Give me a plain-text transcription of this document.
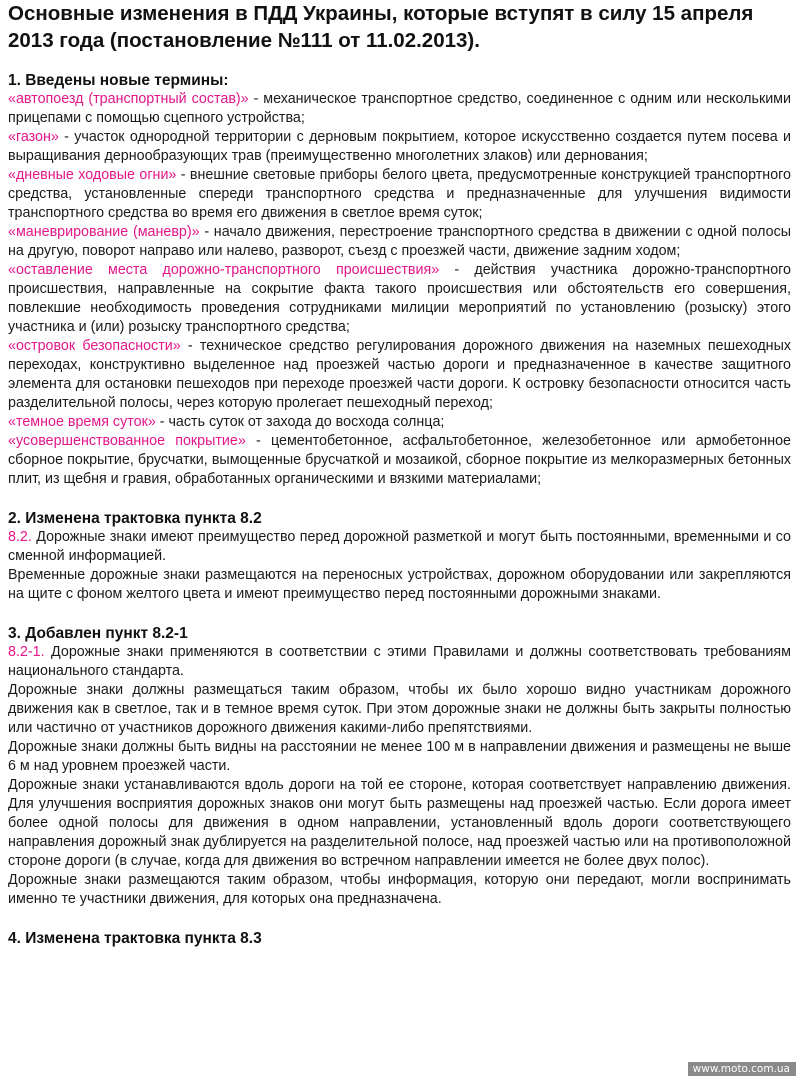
Основные изменения в ПДД Украины, которые вступят в силу 15 апреля 2013 года (постановление №111 от 11.02.2013).
1. Введены новые термины:

«автопоезд (транспортный состав)» - механическое транспортное средство, соединенное с одним или несколькими прицепами с помощью сцепного устройства;

«газон» - участок однородной территории с дерновым покрытием, которое искусственно создается путем посева и выращивания дернообразующих трав (преимущественно многолетних злаков) или дернования;

«дневные ходовые огни» - внешние световые приборы белого цвета, предусмотренные конструкцией транспортного средства, установленные спереди транспортного средства и предназначенные для улучшения видимости транспортного средства во время его движения в светлое время суток;

«маневрирование (маневр)» - начало движения, перестроение транспортного средства в движении с одной полосы на другую, поворот направо или налево, разворот, съезд с проезжей части, движение задним ходом;

«оставление места дорожно-транспортного происшествия» - действия участника дорожно-транспортного происшествия, направленные на сокрытие факта такого происшествия или обстоятельств его совершения, повлекшие необходимость проведения сотрудниками милиции мероприятий по установлению (розыску) этого участника и (или) розыску транспортного средства;

«островок безопасности» - техническое средство регулирования дорожного движения на наземных пешеходных переходах, конструктивно выделенное над проезжей частью дороги и предназначенное в качестве защитного элемента для остановки пешеходов при переходе проезжей части дороги. К островку безопасности относится часть разделительной полосы, через которую пролегает пешеходный переход;

«темное время суток» - часть суток от захода до восхода солнца;

«усовершенствованное покрытие» - цементобетонное, асфальтобетонное, железобетонное или армобетонное сборное покрытие, брусчатки, вымощенные брусчаткой и мозаикой, сборное покрытие из мелкоразмерных бетонных плит, из щебня и гравия, обработанных органическими и вязкими материалами;

2. Изменена трактовка пункта 8.2

8.2. Дорожные знаки имеют преимущество перед дорожной разметкой и могут быть постоянными, временными и со сменной информацией.

Временные дорожные знаки размещаются на переносных устройствах, дорожном оборудовании или закрепляются на щите с фоном желтого цвета и имеют преимущество перед постоянными дорожными знаками.

3. Добавлен пункт 8.2-1

8.2-1. Дорожные знаки применяются в соответствии с этими Правилами и должны соответствовать требованиям национального стандарта.

Дорожные знаки должны размещаться таким образом, чтобы их было хорошо видно участникам дорожного движения как в светлое, так и в темное время суток. При этом дорожные знаки не должны быть закрыты полностью или частично от участников дорожного движения какими-либо препятствиями.

Дорожные знаки должны быть видны на расстоянии не менее 100 м в направлении движения и размещены не выше 6 м над уровнем проезжей части.

Дорожные знаки устанавливаются вдоль дороги на той ее стороне, которая соответствует направлению движения. Для улучшения восприятия дорожных знаков они могут быть размещены над проезжей частью. Если дорога имеет более одной полосы для движения в одном направлении, установленный вдоль дороги соответствующего направления дорожный знак дублируется на разделительной полосе, над проезжей частью или на противоположной стороне дороги (в случае, когда для движения во встречном направлении имеется не более двух полос).

Дорожные знаки размещаются таким образом, чтобы информация, которую они передают, могли воспринимать именно те участники движения, для которых она предназначена.

4. Изменена трактовка пункта 8.3
www.moto.com.ua
